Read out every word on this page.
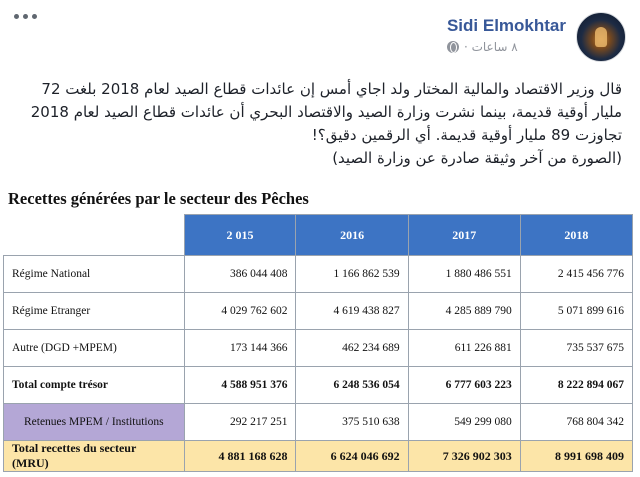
Sidi Elmokhtar
٨ ساعات ·

قال وزير الاقتصاد والمالية المختار ولد اجاي أمس إن عائدات قطاع الصيد لعام 2018 بلغت 72

مليار أوقية قديمة، بينما نشرت وزارة الصيد والاقتصاد البحري أن عائدات قطاع الصيد لعام 2018

تجاوزت 89 مليار أوقية قديمة. أي الرقمين دقيق؟!

(الصورة من آخر وثيقة صادرة عن وزارة الصيد)

Recettes générées par le secteur des Pêches
	2 015	2016	2017	2018
Régime National	386 044 408	1 166 862 539	1 880 486 551	2 415 456 776
Régime Etranger	4 029 762 602	4 619 438 827	4 285 889 790	5 071 899 616
Autre (DGD +MPEM)	173 144 366	462 234 689	611 226 881	735 537 675
Total compte trésor	4 588 951 376	6 248 536 054	6 777 603 223	8 222 894 067
Retenues MPEM / Institutions	292 217 251	375 510 638	549 299 080	768 804 342
Total recettes du secteur (MRU)	4 881 168 628	6 624 046 692	7 326 902 303	8 991 698 409
